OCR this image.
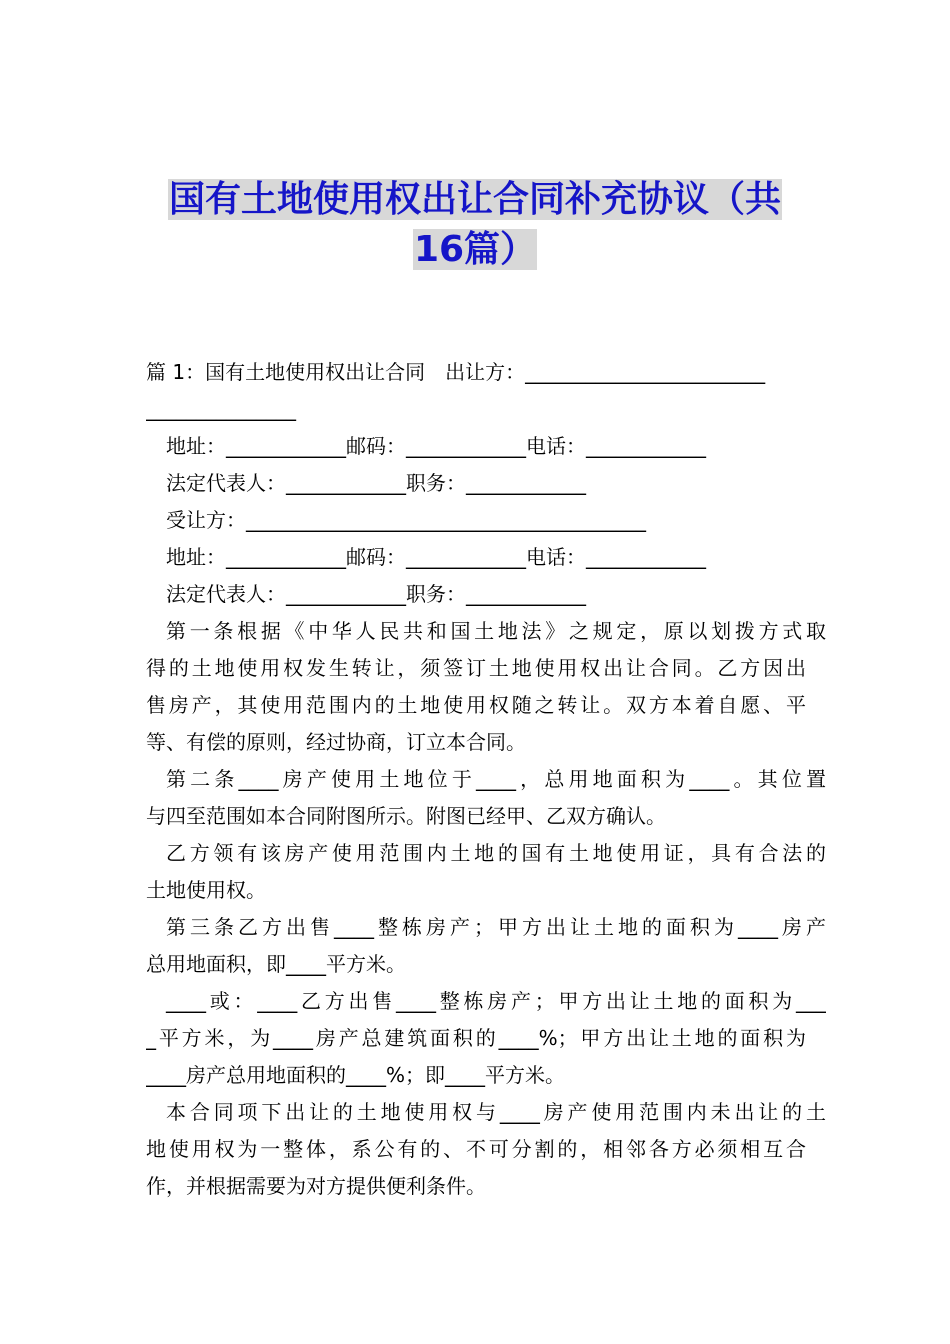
国有土地使用权出让合同补充协议（共
16篇）
篇 1：国有土地使用权出让合同　出让方：________________________
_______________
地址：____________邮码：____________电话：____________
法定代表人：____________职务：____________
受让方：________________________________________
地址：____________邮码：____________电话：____________
法定代表人：____________职务：____________
第一条根据《中华人民共和国土地法》之规定，原以划拨方式取
得的土地使用权发生转让，须签订土地使用权出让合同。乙方因出
售房产，其使用范围内的土地使用权随之转让。双方本着自愿、平
等、有偿的原则，经过协商，订立本合同。
第二条____房产使用土地位于____，总用地面积为____。其位置
与四至范围如本合同附图所示。附图已经甲、乙双方确认。
乙方领有该房产使用范围内土地的国有土地使用证，具有合法的
土地使用权。
第三条乙方出售____整栋房产；甲方出让土地的面积为____房产
总用地面积，即____平方米。
____或：____乙方出售____整栋房产；甲方出让土地的面积为___
_平方米，为____房产总建筑面积的____%；甲方出让土地的面积为
____房产总用地面积的____%；即____平方米。
本合同项下出让的土地使用权与____房产使用范围内未出让的土
地使用权为一整体，系公有的、不可分割的，相邻各方必须相互合
作，并根据需要为对方提供便利条件。
